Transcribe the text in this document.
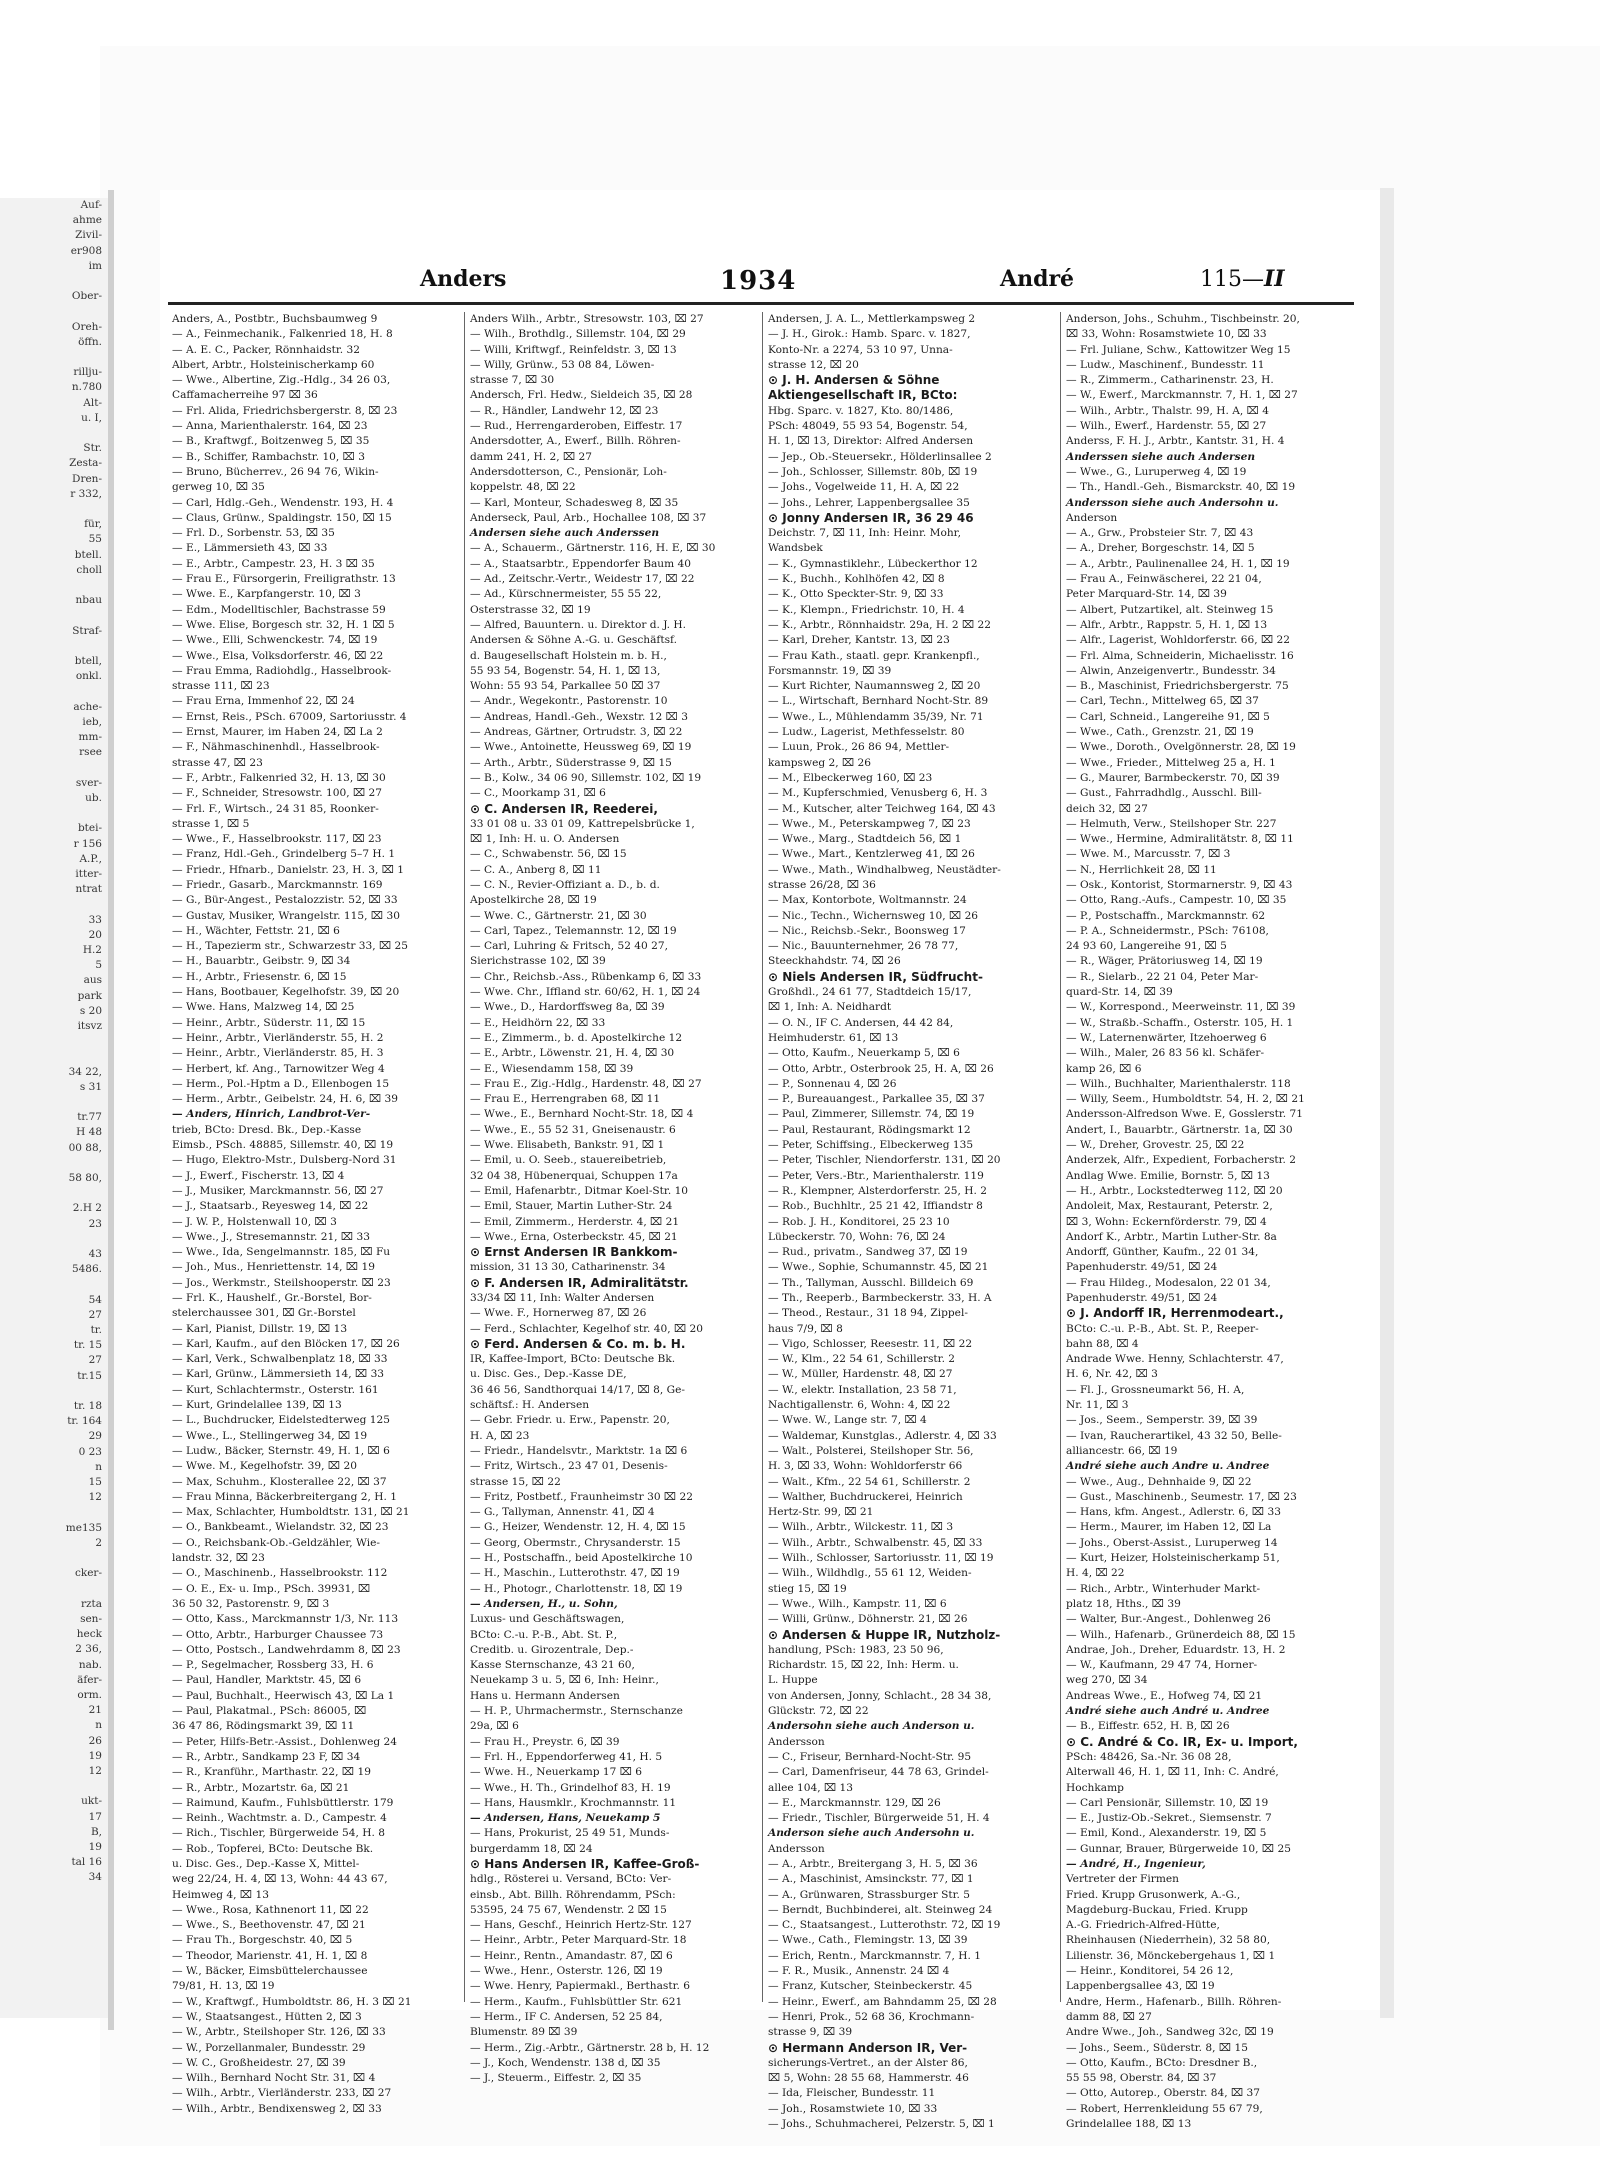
Auf-
ahme
Zivil-
er908
im

Ober-

Oreh-
öffn.

rillju-
n.780
Alt-
u. I,

Str.
Zesta-
Dren-
r 332,

für,
55
btell.
choll

nbau

Straf-

btell,
onkl.

ache-
ieb,
mm-
rsee

sver-
ub.

btei-
r 156
A.P.,
itter-
ntrat

33
20
H.2
5
aus
park
s 20
itsvz

34 22,
s 31

tr.77
H 48
00 88,

58 80,

2.H 2
23

43
5486.

54
27
tr.
tr. 15
27
tr.15

tr. 18
tr. 164
29
0 23
n
15
12

me135
2

cker-

rzta
sen-
heck
2 36,
nab.
äfer-
orm.
21
n
26
19
12

ukt-
17
B,
19
tal 16
34

Anders	1934	André	115—II
Anders, A., Postbtr., Buchsbaumweg 9
— A., Feinmechanik., Falkenried 18, H. 8
— A. E. C., Packer, Rönnhaidstr. 32
Albert, Arbtr., Holsteinischerkamp 60
— Wwe., Albertine, Zig.-Hdlg., 34 26 03,
Caffamacherreihe 97 ⌧ 36
— Frl. Alida, Friedrichsbergerstr. 8, ⌧ 23
— Anna, Marienthalerstr. 164, ⌧ 23
— B., Kraftwgf., Boitzenweg 5, ⌧ 35
— B., Schiffer, Rambachstr. 10, ⌧ 3
— Bruno, Bücherrev., 26 94 76, Wikin-
gerweg 10, ⌧ 35
— Carl, Hdlg.-Geh., Wendenstr. 193, H. 4
— Claus, Grünw., Spaldingstr. 150, ⌧ 15
— Frl. D., Sorbenstr. 53, ⌧ 35
— E., Lämmersieth 43, ⌧ 33
— E., Arbtr., Campestr. 23, H. 3 ⌧ 35
— Frau E., Fürsorgerin, Freiligrathstr. 13
— Wwe. E., Karpfangerstr. 10, ⌧ 3
— Edm., Modelltischler, Bachstrasse 59
— Wwe. Elise, Borgesch str. 32, H. 1 ⌧ 5
— Wwe., Elli, Schwenckestr. 74, ⌧ 19
— Wwe., Elsa, Volksdorferstr. 46, ⌧ 22
— Frau Emma, Radiohdlg., Hasselbrook-
strasse 111, ⌧ 23
— Frau Erna, Immenhof 22, ⌧ 24
— Ernst, Reis., PSch. 67009, Sartoriusstr. 4
— Ernst, Maurer, im Haben 24, ⌧ La 2
— F., Nähmaschinenhdl., Hasselbrook-
strasse 47, ⌧ 23
— F., Arbtr., Falkenried 32, H. 13, ⌧ 30
— F., Schneider, Stresowstr. 100, ⌧ 27
— Frl. F., Wirtsch., 24 31 85, Roonker-
strasse 1, ⌧ 5
— Wwe., F., Hasselbrookstr. 117, ⌧ 23
— Franz, Hdl.-Geh., Grindelberg 5–7 H. 1
— Friedr., Hfnarb., Danielstr. 23, H. 3, ⌧ 1
— Friedr., Gasarb., Marckmannstr. 169
— G., Bür-Angest., Pestalozzistr. 52, ⌧ 33
— Gustav, Musiker, Wrangelstr. 115, ⌧ 30
— H., Wächter, Fettstr. 21, ⌧ 6
— H., Tapezierm str., Schwarzestr 33, ⌧ 25
— H., Bauarbtr., Geibstr. 9, ⌧ 34
— H., Arbtr., Friesenstr. 6, ⌧ 15
— Hans, Bootbauer, Kegelhofstr. 39, ⌧ 20
— Wwe. Hans, Malzweg 14, ⌧ 25
— Heinr., Arbtr., Süderstr. 11, ⌧ 15
— Heinr., Arbtr., Vierländerstr. 55, H. 2
— Heinr., Arbtr., Vierländerstr. 85, H. 3
— Herbert, kf. Ang., Tarnowitzer Weg 4
— Herm., Pol.-Hptm a D., Ellenbogen 15
— Herm., Arbtr., Geibelstr. 24, H. 6, ⌧ 39
— Anders, Hinrich, Landbrot-Ver-
trieb, BCto: Dresd. Bk., Dep.-Kasse
Eimsb., PSch. 48885, Sillemstr. 40, ⌧ 19
— Hugo, Elektro-Mstr., Dulsberg-Nord 31
— J., Ewerf., Fischerstr. 13, ⌧ 4
— J., Musiker, Marckmannstr. 56, ⌧ 27
— J., Staatsarb., Reyesweg 14, ⌧ 22
— J. W. P., Holstenwall 10, ⌧ 3
— Wwe., J., Stresemannstr. 21, ⌧ 33
— Wwe., Ida, Sengelmannstr. 185, ⌧ Fu
— Joh., Mus., Henriettenstr. 14, ⌧ 19
— Jos., Werkmstr., Steilshooperstr. ⌧ 23
— Frl. K., Haushelf., Gr.-Borstel, Bor-
stelerchaussee 301, ⌧ Gr.-Borstel
— Karl, Pianist, Dillstr. 19, ⌧ 13
— Karl, Kaufm., auf den Blöcken 17, ⌧ 26
— Karl, Verk., Schwalbenplatz 18, ⌧ 33
— Karl, Grünw., Lämmersieth 14, ⌧ 33
— Kurt, Schlachtermstr., Osterstr. 161
— Kurt, Grindelallee 139, ⌧ 13
— L., Buchdrucker, Eidelstedterweg 125
— Wwe., L., Stellingerweg 34, ⌧ 19
— Ludw., Bäcker, Sternstr. 49, H. 1, ⌧ 6
— Wwe. M., Kegelhofstr. 39, ⌧ 20
— Max, Schuhm., Klosterallee 22, ⌧ 37
— Frau Minna, Bäckerbreitergang 2, H. 1
— Max, Schlachter, Humboldtstr. 131, ⌧ 21
— O., Bankbeamt., Wielandstr. 32, ⌧ 23
— O., Reichsbank-Ob.-Geldzähler, Wie-
landstr. 32, ⌧ 23
— O., Maschinenb., Hasselbrookstr. 112
— O. E., Ex- u. Imp., PSch. 39931, ⌧
36 50 32, Pastorenstr. 9, ⌧ 3
— Otto, Kass., Marckmannstr 1/3, Nr. 113
— Otto, Arbtr., Harburger Chaussee 73
— Otto, Postsch., Landwehrdamm 8, ⌧ 23
— P., Segelmacher, Rossberg 33, H. 6
— Paul, Handler, Marktstr. 45, ⌧ 6
— Paul, Buchhalt., Heerwisch 43, ⌧ La 1
— Paul, Plakatmal., PSch: 86005, ⌧
36 47 86, Rödingsmarkt 39, ⌧ 11
— Peter, Hilfs-Betr.-Assist., Dohlenweg 24
— R., Arbtr., Sandkamp 23 F, ⌧ 34
— R., Kranführ., Marthastr. 22, ⌧ 19
— R., Arbtr., Mozartstr. 6a, ⌧ 21
— Raimund, Kaufm., Fuhlsbüttlerstr. 179
— Reinh., Wachtmstr. a. D., Campestr. 4
— Rich., Tischler, Bürgerweide 54, H. 8
— Rob., Topferei, BCto: Deutsche Bk.
u. Disc. Ges., Dep.-Kasse X, Mittel-
weg 22/24, H. 4, ⌧ 13, Wohn: 44 43 67,
Heimweg 4, ⌧ 13
— Wwe., Rosa, Kathnenort 11, ⌧ 22
— Wwe., S., Beethovenstr. 47, ⌧ 21
— Frau Th., Borgeschstr. 40, ⌧ 5
— Theodor, Marienstr. 41, H. 1, ⌧ 8
— W., Bäcker, Eimsbüttelerchaussee
79/81, H. 13, ⌧ 19
— W., Kraftwgf., Humboldtstr. 86, H. 3 ⌧ 21
— W., Staatsangest., Hütten 2, ⌧ 3
— W., Arbtr., Steilshoper Str. 126, ⌧ 33
— W., Porzellanmaler, Bundesstr. 29
— W. C., Großheidestr. 27, ⌧ 39
— Wilh., Bernhard Nocht Str. 31, ⌧ 4
— Wilh., Arbtr., Vierländerstr. 233, ⌧ 27
— Wilh., Arbtr., Bendixensweg 2, ⌧ 33
Anders Wilh., Arbtr., Stresowstr. 103, ⌧ 27
— Wilh., Brothdlg., Sillemstr. 104, ⌧ 29
— Willi, Kriftwgf., Reinfeldstr. 3, ⌧ 13
— Willy, Grünw., 53 08 84, Löwen-
strasse 7, ⌧ 30
Andersch, Frl. Hedw., Sieldeich 35, ⌧ 28
— R., Händler, Landwehr 12, ⌧ 23
— Rud., Herrengarderoben, Eiffestr. 17
Andersdotter, A., Ewerf., Billh. Röhren-
damm 241, H. 2, ⌧ 27
Andersdotterson, C., Pensionär, Loh-
koppelstr. 48, ⌧ 22
— Karl, Monteur, Schadesweg 8, ⌧ 35
Anderseck, Paul, Arb., Hochallee 108, ⌧ 37
Andersen siehe auch Anderssen
— A., Schauerm., Gärtnerstr. 116, H. E, ⌧ 30
— A., Staatsarbtr., Eppendorfer Baum 40
— Ad., Zeitschr.-Vertr., Weidestr 17, ⌧ 22
— Ad., Kürschnermeister, 55 55 22,
Osterstrasse 32, ⌧ 19
— Alfred, Bauuntern. u. Direktor d. J. H.
Andersen & Söhne A.-G. u. Geschäftsf.
d. Baugesellschaft Holstein m. b. H.,
55 93 54, Bogenstr. 54, H. 1, ⌧ 13,
Wohn: 55 93 54, Parkallee 50 ⌧ 37
— Andr., Wegekontr., Pastorenstr. 10
— Andreas, Handl.-Geh., Wexstr. 12 ⌧ 3
— Andreas, Gärtner, Ortrudstr. 3, ⌧ 22
— Wwe., Antoinette, Heussweg 69, ⌧ 19
— Arth., Arbtr., Süderstrasse 9, ⌧ 15
— B., Kolw., 34 06 90, Sillemstr. 102, ⌧ 19
— C., Moorkamp 31, ⌧ 6
⊙ C. Andersen IR, Reederei,
33 01 08 u. 33 01 09, Kattrepelsbrücke 1,
⌧ 1, Inh: H. u. O. Andersen
— C., Schwabenstr. 56, ⌧ 15
— C. A., Anberg 8, ⌧ 11
— C. N., Revier-Offiziant a. D., b. d.
Apostelkirche 28, ⌧ 19
— Wwe. C., Gärtnerstr. 21, ⌧ 30
— Carl, Tapez., Telemannstr. 12, ⌧ 19
— Carl, Luhring & Fritsch, 52 40 27,
Sierichstrasse 102, ⌧ 39
— Chr., Reichsb.-Ass., Rübenkamp 6, ⌧ 33
— Wwe. Chr., Iffland str. 60/62, H. 1, ⌧ 24
— Wwe., D., Hardorffsweg 8a, ⌧ 39
— E., Heidhörn 22, ⌧ 33
— E., Zimmerm., b. d. Apostelkirche 12
— E., Arbtr., Löwenstr. 21, H. 4, ⌧ 30
— E., Wiesendamm 158, ⌧ 39
— Frau E., Zig.-Hdlg., Hardenstr. 48, ⌧ 27
— Frau E., Herrengraben 68, ⌧ 11
— Wwe., E., Bernhard Nocht-Str. 18, ⌧ 4
— Wwe., E., 55 52 31, Gneisenaustr. 6
— Wwe. Elisabeth, Bankstr. 91, ⌧ 1
— Emil, u. O. Seeb., stauereibetrieb,
32 04 38, Hübenerquai, Schuppen 17a
— Emil, Hafenarbtr., Ditmar Koel-Str. 10
— Emil, Stauer, Martin Luther-Str. 24
— Emil, Zimmerm., Herderstr. 4, ⌧ 21
— Wwe., Erna, Osterbeckstr. 45, ⌧ 21
⊙ Ernst Andersen IR Bankkom-
mission, 31 13 30, Catharinenstr. 34
⊙ F. Andersen IR, Admiralitätstr.
33/34 ⌧ 11, Inh: Walter Andersen
— Wwe. F., Hornerweg 87, ⌧ 26
— Ferd., Schlachter, Kegelhof str. 40, ⌧ 20
⊙ Ferd. Andersen & Co. m. b. H.
IR, Kaffee-Import, BCto: Deutsche Bk.
u. Disc. Ges., Dep.-Kasse DE,
36 46 56, Sandthorquai 14/17, ⌧ 8, Ge-
schäftsf.: H. Andersen
— Gebr. Friedr. u. Erw., Papenstr. 20,
H. A, ⌧ 23
— Friedr., Handelsvtr., Marktstr. 1a ⌧ 6
— Fritz, Wirtsch., 23 47 01, Desenis-
strasse 15, ⌧ 22
— Fritz, Postbetf., Fraunheimstr 30 ⌧ 22
— G., Tallyman, Annenstr. 41, ⌧ 4
— G., Heizer, Wendenstr. 12, H. 4, ⌧ 15
— Georg, Obermstr., Chrysanderstr. 15
— H., Postschaffn., beid Apostelkirche 10
— H., Maschin., Lutterothstr. 47, ⌧ 19
— H., Photogr., Charlottenstr. 18, ⌧ 19
— Andersen, H., u. Sohn,
Luxus- und Geschäftswagen,
BCto: C.-u. P.-B., Abt. St. P.,
Creditb. u. Girozentrale, Dep.-
Kasse Sternschanze, 43 21 60,
Neuekamp 3 u. 5, ⌧ 6, Inh: Heinr.,
Hans u. Hermann Andersen
— H. P., Uhrmachermstr., Sternschanze
29a, ⌧ 6
— Frau H., Preystr. 6, ⌧ 39
— Frl. H., Eppendorferweg 41, H. 5
— Wwe. H., Neuerkamp 17 ⌧ 6
— Wwe., H. Th., Grindelhof 83, H. 19
— Hans, Hausmklr., Krochmannstr. 11
— Andersen, Hans, Neuekamp 5
— Hans, Prokurist, 25 49 51, Munds-
burgerdamm 18, ⌧ 24
⊙ Hans Andersen IR, Kaffee-Groß-
hdlg., Rösterei u. Versand, BCto: Ver-
einsb., Abt. Billh. Röhrendamm, PSch:
53595, 24 75 67, Wendenstr. 2 ⌧ 15
— Hans, Geschf., Heinrich Hertz-Str. 127
— Heinr., Arbtr., Peter Marquard-Str. 18
— Heinr., Rentn., Amandastr. 87, ⌧ 6
— Wwe., Henr., Osterstr. 126, ⌧ 19
— Wwe. Henry, Papiermakl., Berthastr. 6
— Herm., Kaufm., Fuhlsbüttler Str. 621
— Herm., IF C. Andersen, 52 25 84,
Blumenstr. 89 ⌧ 39
— Herm., Zig.-Arbtr., Gärtnerstr. 28 b, H. 12
— J., Koch, Wendenstr. 138 d, ⌧ 35
— J., Steuerm., Eiffestr. 2, ⌧ 35
Andersen, J. A. L., Mettlerkampsweg 2
— J. H., Girok.: Hamb. Sparc. v. 1827,
Konto-Nr. a 2274, 53 10 97, Unna-
strasse 12, ⌧ 20
⊙ J. H. Andersen & Söhne
Aktiengesellschaft IR, BCto:
Hbg. Sparc. v. 1827, Kto. 80/1486,
PSch: 48049, 55 93 54, Bogenstr. 54,
H. 1, ⌧ 13, Direktor: Alfred Andersen
— Jep., Ob.-Steuersekr., Hölderlinsallee 2
— Joh., Schlosser, Sillemstr. 80b, ⌧ 19
— Johs., Vogelweide 11, H. A, ⌧ 22
— Johs., Lehrer, Lappenbergsallee 35
⊙ Jonny Andersen IR, 36 29 46
Deichstr. 7, ⌧ 11, Inh: Heinr. Mohr,
Wandsbek
— K., Gymnastiklehr., Lübeckerthor 12
— K., Buchh., Kohlhöfen 42, ⌧ 8
— K., Otto Speckter-Str. 9, ⌧ 33
— K., Klempn., Friedrichstr. 10, H. 4
— K., Arbtr., Rönnhaidstr. 29a, H. 2 ⌧ 22
— Karl, Dreher, Kantstr. 13, ⌧ 23
— Frau Kath., staatl. gepr. Krankenpfl.,
Forsmannstr. 19, ⌧ 39
— Kurt Richter, Naumannsweg 2, ⌧ 20
— L., Wirtschaft, Bernhard Nocht-Str. 89
— Wwe., L., Mühlendamm 35/39, Nr. 71
— Ludw., Lagerist, Methfesselstr. 80
— Luun, Prok., 26 86 94, Mettler-
kampsweg 2, ⌧ 26
— M., Elbeckerweg 160, ⌧ 23
— M., Kupferschmied, Venusberg 6, H. 3
— M., Kutscher, alter Teichweg 164, ⌧ 43
— Wwe., M., Peterskampweg 7, ⌧ 23
— Wwe., Marg., Stadtdeich 56, ⌧ 1
— Wwe., Mart., Kentzlerweg 41, ⌧ 26
— Wwe., Math., Windhalbweg, Neustädter-
strasse 26/28, ⌧ 36
— Max, Kontorbote, Woltmannstr. 24
— Nic., Techn., Wichernsweg 10, ⌧ 26
— Nic., Reichsb.-Sekr., Boonsweg 17
— Nic., Bauunternehmer, 26 78 77,
Steeckhahdstr. 74, ⌧ 26
⊙ Niels Andersen IR, Südfrucht-
Großhdl., 24 61 77, Stadtdeich 15/17,
⌧ 1, Inh: A. Neidhardt
— O. N., IF C. Andersen, 44 42 84,
Heimhuderstr. 61, ⌧ 13
— Otto, Kaufm., Neuerkamp 5, ⌧ 6
— Otto, Arbtr., Osterbrook 25, H. A, ⌧ 26
— P., Sonnenau 4, ⌧ 26
— P., Bureauangest., Parkallee 35, ⌧ 37
— Paul, Zimmerer, Sillemstr. 74, ⌧ 19
— Paul, Restaurant, Rödingsmarkt 12
— Peter, Schiffsing., Elbeckerweg 135
— Peter, Tischler, Niendorferstr. 131, ⌧ 20
— Peter, Vers.-Btr., Marienthalerstr. 119
— R., Klempner, Alsterdorferstr. 25, H. 2
— Rob., Buchhltr., 25 21 42, Iffiandstr 8
— Rob. J. H., Konditorei, 25 23 10
Lübeckerstr. 70, Wohn: 76, ⌧ 24
— Rud., privatm., Sandweg 37, ⌧ 19
— Wwe., Sophie, Schumannstr. 45, ⌧ 21
— Th., Tallyman, Ausschl. Billdeich 69
— Th., Reeperb., Barmbeckerstr. 33, H. A
— Theod., Restaur., 31 18 94, Zippel-
haus 7/9, ⌧ 8
— Vigo, Schlosser, Reesestr. 11, ⌧ 22
— W., Klm., 22 54 61, Schillerstr. 2
— W., Müller, Hardenstr. 48, ⌧ 27
— W., elektr. Installation, 23 58 71,
Nachtigallenstr. 6, Wohn: 4, ⌧ 22
— Wwe. W., Lange str. 7, ⌧ 4
— Waldemar, Kunstglas., Adlerstr. 4, ⌧ 33
— Walt., Polsterei, Steilshoper Str. 56,
H. 3, ⌧ 33, Wohn: Wohldorferstr 66
— Walt., Kfm., 22 54 61, Schillerstr. 2
— Walther, Buchdruckerei, Heinrich
Hertz-Str. 99, ⌧ 21
— Wilh., Arbtr., Wilckestr. 11, ⌧ 3
— Wilh., Arbtr., Schwalbenstr. 45, ⌧ 33
— Wilh., Schlosser, Sartoriusstr. 11, ⌧ 19
— Wilh., Wildhdlg., 55 61 12, Weiden-
stieg 15, ⌧ 19
— Wwe., Wilh., Kampstr. 11, ⌧ 6
— Willi, Grünw., Döhnerstr. 21, ⌧ 26
⊙ Andersen & Huppe IR, Nutzholz-
handlung, PSch: 1983, 23 50 96,
Richardstr. 15, ⌧ 22, Inh: Herm. u.
L. Huppe
von Andersen, Jonny, Schlacht., 28 34 38,
Glückstr. 72, ⌧ 22
Andersohn siehe auch Anderson u.
Andersson
— C., Friseur, Bernhard-Nocht-Str. 95
— Carl, Damenfriseur, 44 78 63, Grindel-
allee 104, ⌧ 13
— E., Marckmannstr. 129, ⌧ 26
— Friedr., Tischler, Bürgerweide 51, H. 4
Anderson siehe auch Andersohn u.
Andersson
— A., Arbtr., Breitergang 3, H. 5, ⌧ 36
— A., Maschinist, Amsinckstr. 77, ⌧ 1
— A., Grünwaren, Strassburger Str. 5
— Berndt, Buchbinderei, alt. Steinweg 24
— C., Staatsangest., Lutterothstr. 72, ⌧ 19
— Wwe., Cath., Flemingstr. 13, ⌧ 39
— Erich, Rentn., Marckmannstr. 7, H. 1
— F. R., Musik., Annenstr. 24 ⌧ 4
— Franz, Kutscher, Steinbeckerstr. 45
— Heinr., Ewerf., am Bahndamm 25, ⌧ 28
— Henri, Prok., 52 68 36, Krochmann-
strasse 9, ⌧ 39
⊙ Hermann Anderson IR, Ver-
sicherungs-Vertret., an der Alster 86,
⌧ 5, Wohn: 28 55 68, Hammerstr. 46
— Ida, Fleischer, Bundesstr. 11
— Joh., Rosamstwiete 10, ⌧ 33
— Johs., Schuhmacherei, Pelzerstr. 5, ⌧ 1
Anderson, Johs., Schuhm., Tischbeinstr. 20,
⌧ 33, Wohn: Rosamstwiete 10, ⌧ 33
— Frl. Juliane, Schw., Kattowitzer Weg 15
— Ludw., Maschinenf., Bundesstr. 11
— R., Zimmerm., Catharinenstr. 23, H.
— W., Ewerf., Marckmannstr. 7, H. 1, ⌧ 27
— Wilh., Arbtr., Thalstr. 99, H. A, ⌧ 4
— Wilh., Ewerf., Hardenstr. 55, ⌧ 27
Anderss, F. H. J., Arbtr., Kantstr. 31, H. 4
Anderssen siehe auch Andersen
— Wwe., G., Luruperweg 4, ⌧ 19
— Th., Handl.-Geh., Bismarckstr. 40, ⌧ 19
Andersson siehe auch Andersohn u.
Anderson
— A., Grw., Probsteier Str. 7, ⌧ 43
— A., Dreher, Borgeschstr. 14, ⌧ 5
— A., Arbtr., Paulinenallee 24, H. 1, ⌧ 19
— Frau A., Feinwäscherei, 22 21 04,
Peter Marquard-Str. 14, ⌧ 39
— Albert, Putzartikel, alt. Steinweg 15
— Alfr., Arbtr., Rappstr. 5, H. 1, ⌧ 13
— Alfr., Lagerist, Wohldorferstr. 66, ⌧ 22
— Frl. Alma, Schneiderin, Michaelisstr. 16
— Alwin, Anzeigenvertr., Bundesstr. 34
— B., Maschinist, Friedrichsbergerstr. 75
— Carl, Techn., Mittelweg 65, ⌧ 37
— Carl, Schneid., Langereihe 91, ⌧ 5
— Wwe., Cath., Grenzstr. 21, ⌧ 19
— Wwe., Doroth., Ovelgönnerstr. 28, ⌧ 19
— Wwe., Frieder., Mittelweg 25 a, H. 1
— G., Maurer, Barmbeckerstr. 70, ⌧ 39
— Gust., Fahrradhdlg., Ausschl. Bill-
deich 32, ⌧ 27
— Helmuth, Verw., Steilshoper Str. 227
— Wwe., Hermine, Admiralitätstr. 8, ⌧ 11
— Wwe. M., Marcusstr. 7, ⌧ 3
— N., Herrlichkeit 28, ⌧ 11
— Osk., Kontorist, Stormarnerstr. 9, ⌧ 43
— Otto, Rang.-Aufs., Campestr. 10, ⌧ 35
— P., Postschaffn., Marckmannstr. 62
— P. A., Schneidermstr., PSch: 76108,
24 93 60, Langereihe 91, ⌧ 5
— R., Wäger, Prätoriusweg 14, ⌧ 19
— R., Sielarb., 22 21 04, Peter Mar-
quard-Str. 14, ⌧ 39
— W., Korrespond., Meerweinstr. 11, ⌧ 39
— W., Straßb.-Schaffn., Osterstr. 105, H. 1
— W., Laternenwärter, Itzehoerweg 6
— Wilh., Maler, 26 83 56 kl. Schäfer-
kamp 26, ⌧ 6
— Wilh., Buchhalter, Marienthalerstr. 118
— Willy, Seem., Humboldtstr. 54, H. 2, ⌧ 21
Andersson-Alfredson Wwe. E, Gosslerstr. 71
Andert, I., Bauarbtr., Gärtnerstr. 1a, ⌧ 30
— W., Dreher, Grovestr. 25, ⌧ 22
Anderzek, Alfr., Expedient, Forbacherstr. 2
Andlag Wwe. Emilie, Bornstr. 5, ⌧ 13
— H., Arbtr., Lockstedterweg 112, ⌧ 20
Andoleit, Max, Restaurant, Peterstr. 2,
⌧ 3, Wohn: Eckernförderstr. 79, ⌧ 4
Andorf K., Arbtr., Martin Luther-Str. 8a
Andorff, Günther, Kaufm., 22 01 34,
Papenhuderstr. 49/51, ⌧ 24
— Frau Hildeg., Modesalon, 22 01 34,
Papenhuderstr. 49/51, ⌧ 24
⊙ J. Andorff IR, Herrenmodeart.,
BCto: C.-u. P.-B., Abt. St. P., Reeper-
bahn 88, ⌧ 4
Andrade Wwe. Henny, Schlachterstr. 47,
H. 6, Nr. 42, ⌧ 3
— Fl. J., Grossneumarkt 56, H. A,
Nr. 11, ⌧ 3
— Jos., Seem., Semperstr. 39, ⌧ 39
— Ivan, Raucherartikel, 43 32 50, Belle-
alliancestr. 66, ⌧ 19
André siehe auch Andre u. Andree
— Wwe., Aug., Dehnhaide 9, ⌧ 22
— Gust., Maschinenb., Seumestr. 17, ⌧ 23
— Hans, kfm. Angest., Adlerstr. 6, ⌧ 33
— Herm., Maurer, im Haben 12, ⌧ La
— Johs., Oberst-Assist., Luruperweg 14
— Kurt, Heizer, Holsteinischerkamp 51,
H. 4, ⌧ 22
— Rich., Arbtr., Winterhuder Markt-
platz 18, Hths., ⌧ 39
— Walter, Bur.-Angest., Dohlenweg 26
— Wilh., Hafenarb., Grünerdeich 88, ⌧ 15
Andrae, Joh., Dreher, Eduardstr. 13, H. 2
— W., Kaufmann, 29 47 74, Horner-
weg 270, ⌧ 34
Andreas Wwe., E., Hofweg 74, ⌧ 21
André siehe auch André u. Andree
— B., Eiffestr. 652, H. B, ⌧ 26
⊙ C. André & Co. IR, Ex- u. Import,
PSch: 48426, Sa.-Nr. 36 08 28,
Alterwall 46, H. 1, ⌧ 11, Inh: C. André,
Hochkamp
— Carl Pensionär, Sillemstr. 10, ⌧ 19
— E., Justiz-Ob.-Sekret., Siemsenstr. 7
— Emil, Kond., Alexanderstr. 19, ⌧ 5
— Gunnar, Brauer, Bürgerweide 10, ⌧ 25
— André, H., Ingenieur,
Vertreter der Firmen
Fried. Krupp Grusonwerk, A.-G.,
Magdeburg-Buckau, Fried. Krupp
A.-G. Friedrich-Alfred-Hütte,
Rheinhausen (Niederrhein), 32 58 80,
Lilienstr. 36, Mönckebergehaus 1, ⌧ 1
— Heinr., Konditorei, 54 26 12,
Lappenbergsallee 43, ⌧ 19
Andre, Herm., Hafenarb., Billh. Röhren-
damm 88, ⌧ 27
Andre Wwe., Joh., Sandweg 32c, ⌧ 19
— Johs., Seem., Süderstr. 8, ⌧ 15
— Otto, Kaufm., BCto: Dresdner B.,
55 55 98, Oberstr. 84, ⌧ 37
— Otto, Autorep., Oberstr. 84, ⌧ 37
— Robert, Herrenkleidung 55 67 79,
Grindelallee 188, ⌧ 13
